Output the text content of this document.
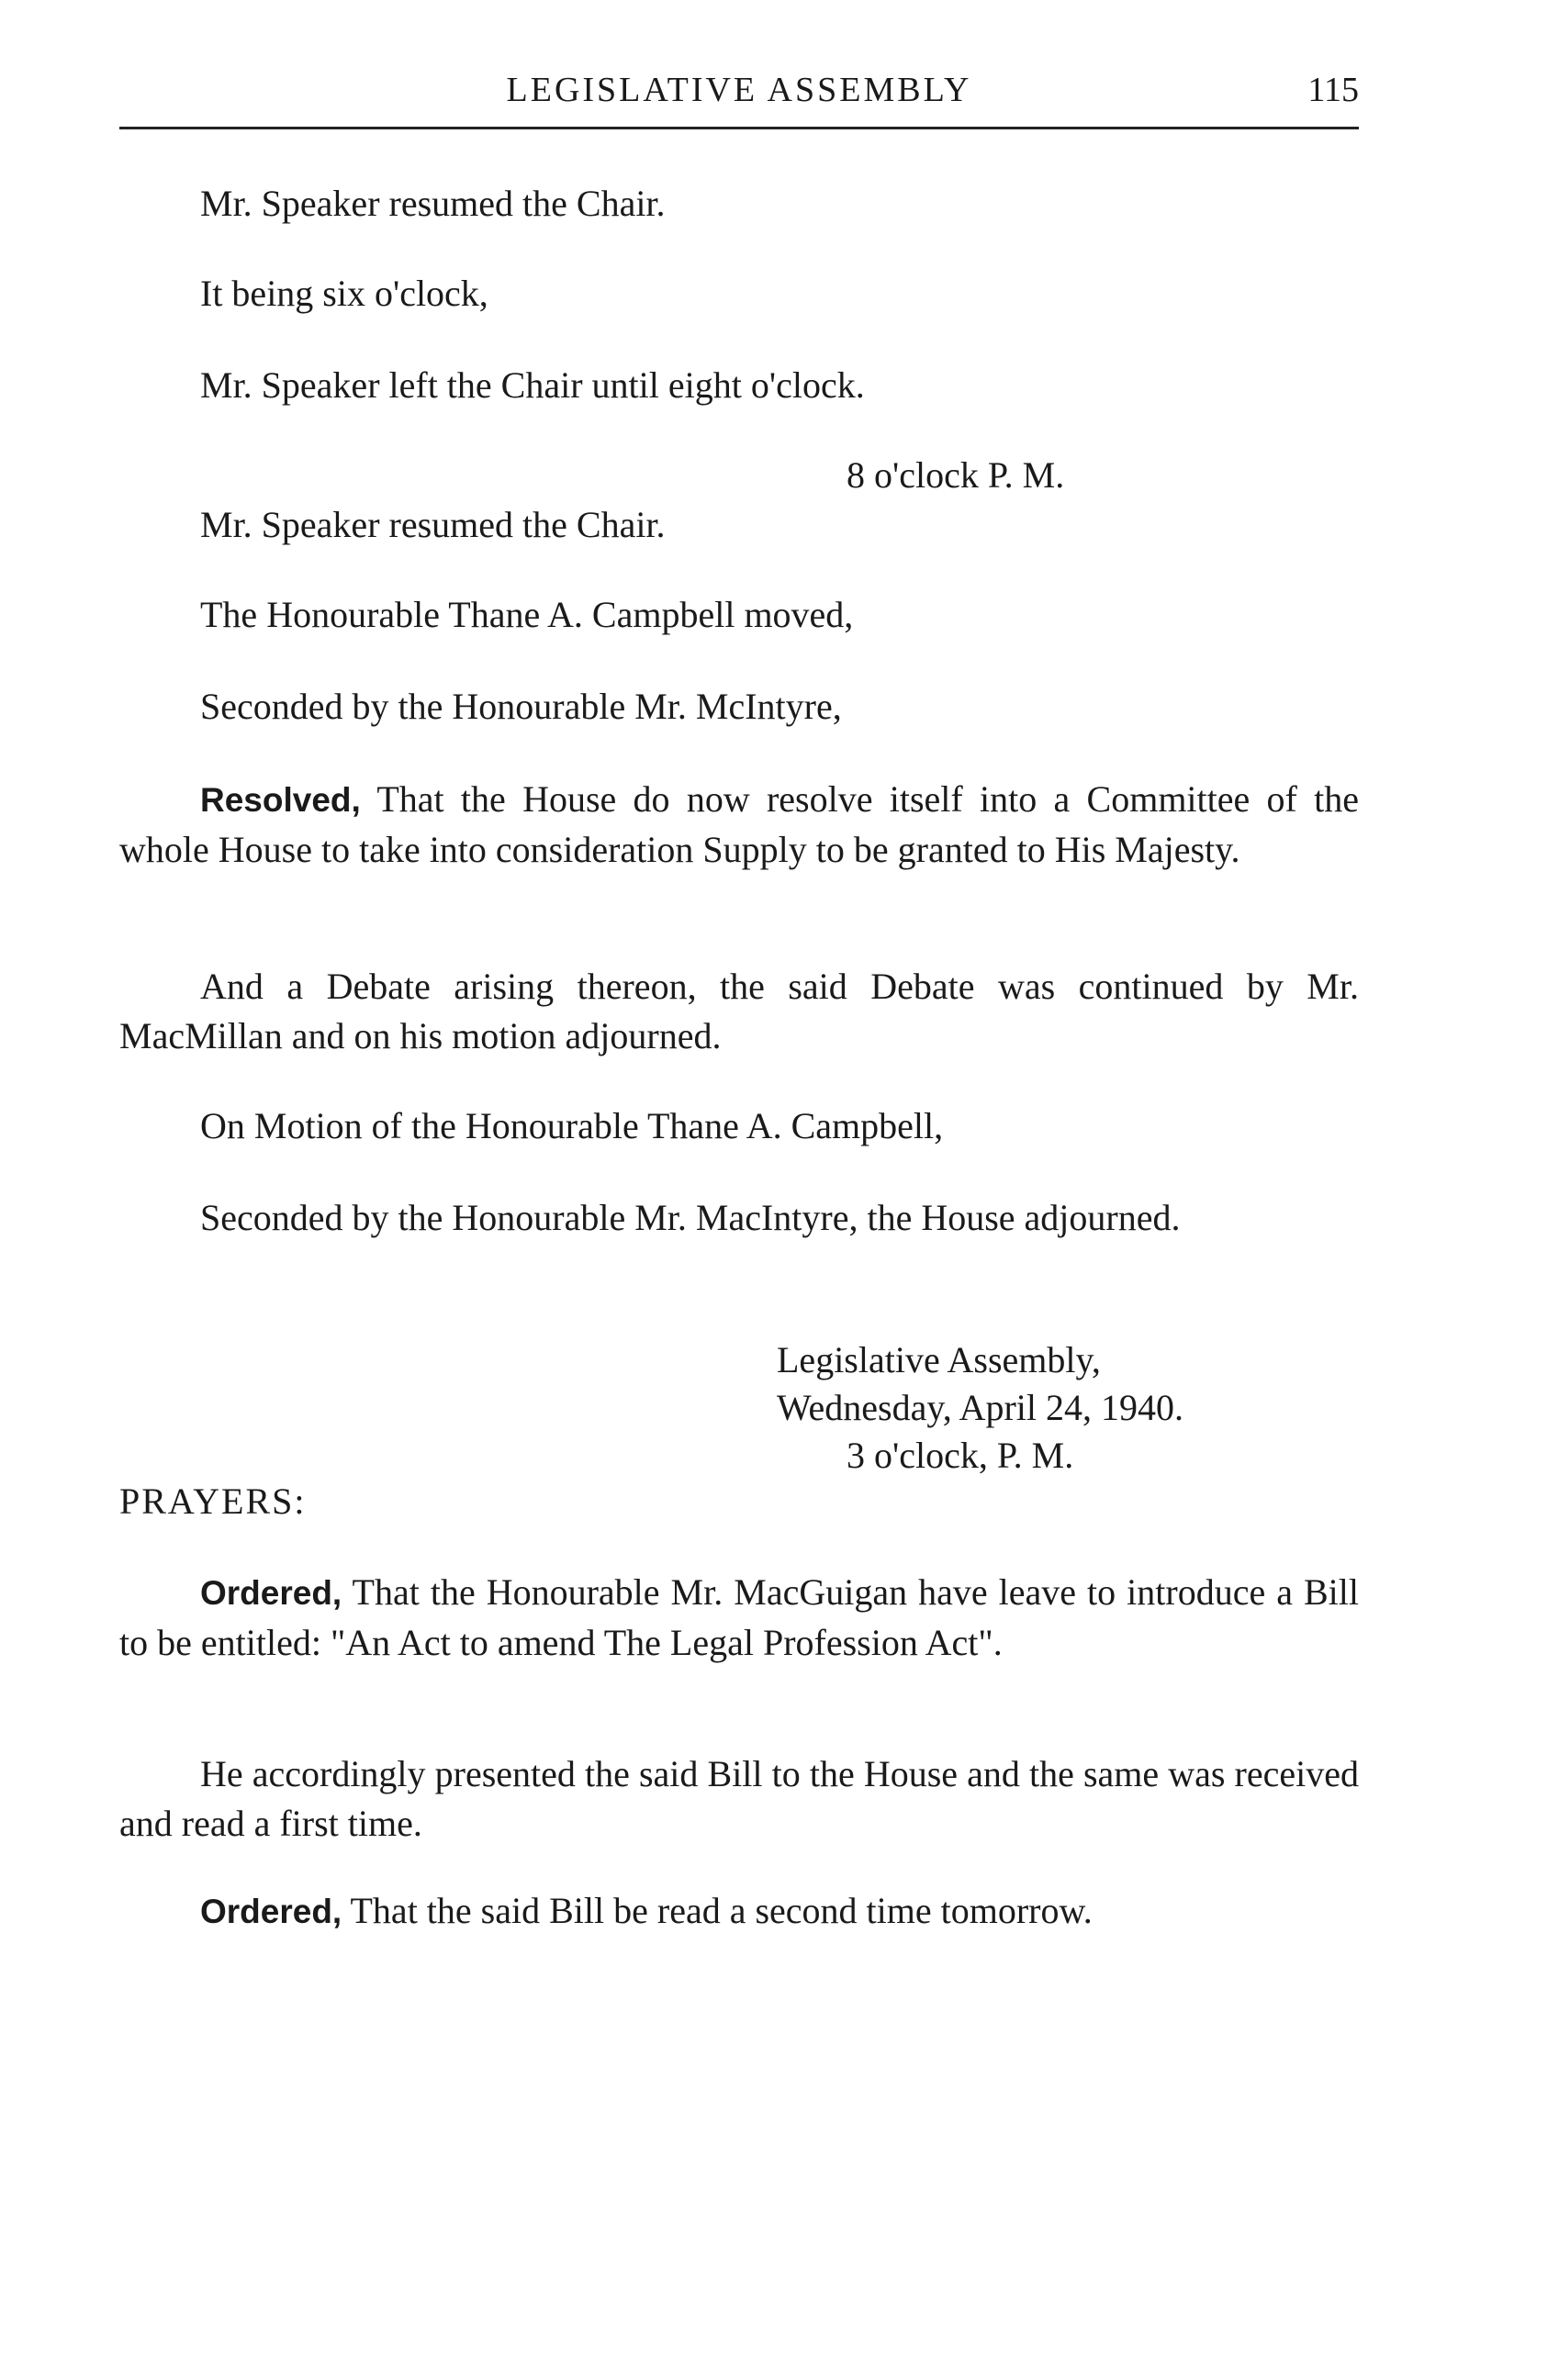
LEGISLATIVE ASSEMBLY	115
Mr. Speaker resumed the Chair.
It being six o'clock,
Mr. Speaker left the Chair until eight o'clock.
8 o'clock P. M.
Mr. Speaker resumed the Chair.
The Honourable Thane A. Campbell moved,
Seconded by the Honourable Mr. McIntyre,
Resolved, That the House do now resolve itself into a Committee of the whole House to take into consideration Supply to be granted to His Majesty.
And a Debate arising thereon, the said Debate was continued by Mr. MacMillan and on his motion adjourned.
On Motion of the Honourable Thane A. Campbell,
Seconded by the Honourable Mr. MacIntyre, the House adjourned.
Legislative Assembly,
Wednesday, April 24, 1940.
3 o'clock, P. M.
PRAYERS:
Ordered, That the Honourable Mr. MacGuigan have leave to introduce a Bill to be entitled: "An Act to amend The Legal Profession Act".
He accordingly presented the said Bill to the House and the same was received and read a first time.
Ordered, That the said Bill be read a second time tomorrow.
